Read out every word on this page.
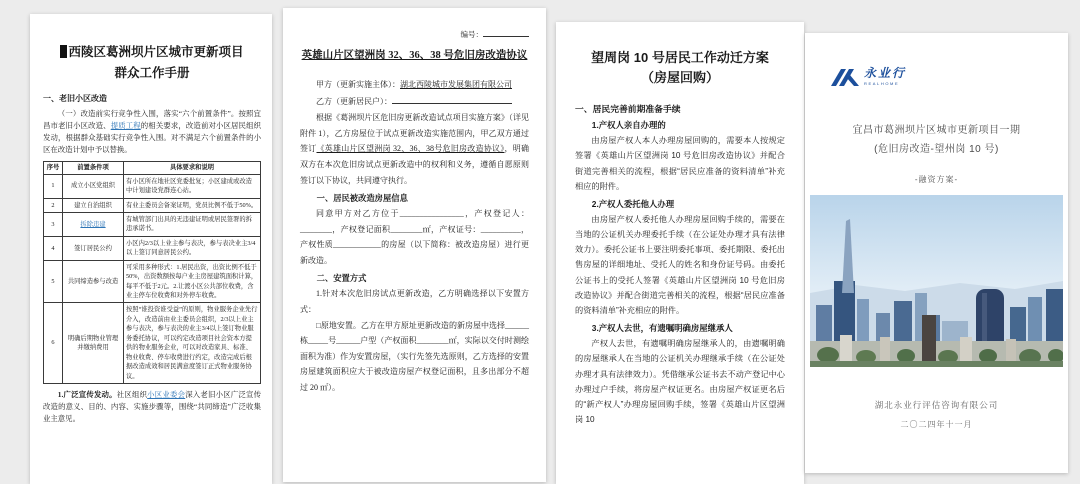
西陵区葛洲坝片区城市更新项目
群众工作手册
一、老旧小区改造

（一）改造前实行竞争性入围，落实“六个前置条件”。按照宜昌市老旧小区改造、提质工程的相关要求，改造前对小区居民组织发动，根据群众基础实行竞争性入围。对不满足六个前置条件的小区在改造计划中予以替换。

序号	前置条件项	具体要求和说明
1	成立小区党组织	有小区所在地社区党委批复；小区建成或改造中计划建设党群连心站。
2	建立自治组织	有业主委员会备案证明，党员比例不低于50%。
3	拆除违建	有城管部门出具的无违建证明或居民签署的拆违承诺书。
4	签订居民公约	小区内2/3以上业主参与表决，参与表决业主3/4以上签订同意居民公约。
5	共同缔造参与改造	可采用多种形式：1.居民出资，出资比例不低于50%，出资数额按每户业主房屋建筑面积计算，每平不低于2元。2.让渡小区公共部位收费，含业主停车位收费和对外停车收费。
6	明确后期物业管理并缴纳费用	按照“谁投资谁受益”的原则，物业服务企业先行介入，改造前由业主委员会组织，2/3以上业主参与表决，参与表决的业主3/4以上签订物业服务委托协议，可以约定改造项目社会资本方提供的物业服务企业，可以对改造家具、标准、物业收费、停车收费进行约定，改造完成后根据改造成效和居民满意度签订正式物业服务协议。

1.广泛宣传发动。社区组织小区业委会深入老旧小区广泛宣传改造的意义、目的、内容、实施步骤等，围绕“共同缔造”广泛收集业主意见。

编号：
英雄山片区望洲岗 32、36、38 号危旧房改造协议
甲方（更新实施主体）：湖北西陵城市发展集团有限公司
乙方（更新居民户）：

根据《葛洲坝片区危旧房更新改造试点项目实施方案》（详见附件 1），乙方房屋位于试点更新改造实施范围内，甲乙双方通过签订《英雄山片区望洲岗 32、36、38号危旧房改造协议》，明确双方在本次危旧房试点更新改造中的权利和义务，遵循自愿原则签订以下协议，共同遵守执行。

一、居民被改造房屋信息

同意甲方对乙方位于________________，产权登记人：________，产权登记面积________㎡，产权证号：__________，产权性质____________的房屋（以下简称：被改造房屋）进行更新改造。

二、安置方式

1.针对本次危旧房试点更新改造，乙方明确选择以下安置方式：

□原地安置。乙方在甲方原址更新改造的新房屋中选择______栋_____号______户型（产权面积________㎡，实际以交付时测绘面积为准）作为安置房屋，（实行先签先选原则，乙方选择的安置房屋建筑面积应大于被改造房屋产权登记面积，且多出部分不超过 20 ㎡）。

望周岗 10 号居民工作动迁方案
（房屋回购）
一、居民完善前期准备手续
1.产权人亲自办理的

由房屋产权人本人办理房屋回购的，需要本人按规定签署《英雄山片区望洲岗 10 号危旧房改造协议》并配合街道完善相关的流程，根据“居民应准备的资料清单”补充相应的附件。

2.产权人委托他人办理

由房屋产权人委托他人办理房屋回购手续的，需要在当地的公证机关办理委托手续（在公证处办理才具有法律效力）。委托公证书上要注明委托事项、委托期限、委托出售房屋的详细地址、受托人的姓名和身份证号码。由委托公证书上的受托人签署《英雄山片区望洲岗 10 号危旧房改造协议》并配合街道完善相关的流程，根据“居民应准备的资料清单”补充相应的附件。

3.产权人去世，有遗嘱明确房屋继承人

产权人去世，有遗嘱明确房屋继承人的，由遗嘱明确的房屋继承人在当地的公证机关办理继承手续（在公证处办理才具有法律效力）。凭借继承公证书去不动产登记中心办理过户手续，将房屋产权证更名。由房屋产权证更名后的“新产权人”办理房屋回购手续，签署《英雄山片区望洲岗 10

永业行
REALHOME
宜昌市葛洲坝片区城市更新项目一期
(危旧房改造-望州岗 10 号)
-融资方案-
湖北永业行评估咨询有限公司
二〇二四年十一月
